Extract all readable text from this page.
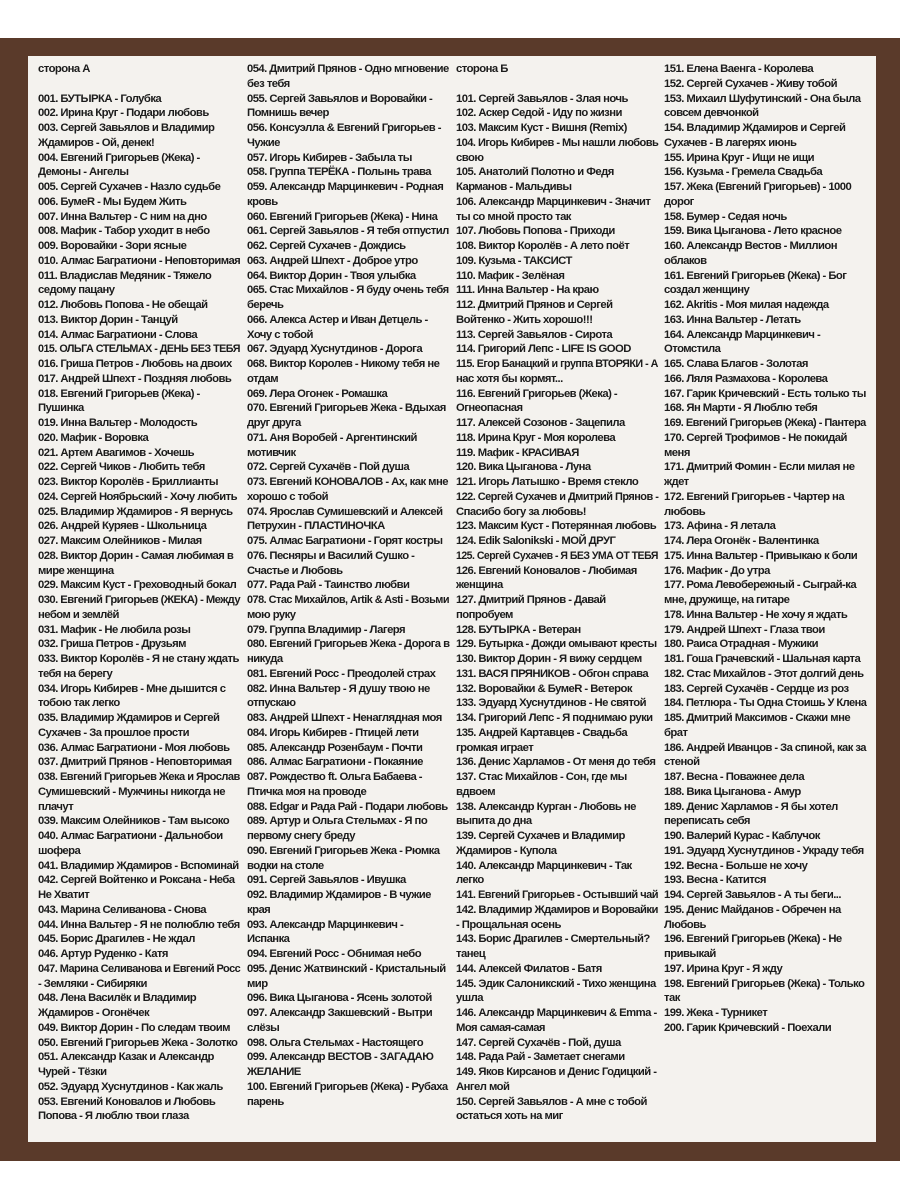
сторона А
001. БУТЫРКА - Голубка
002. Ирина Круг - Подари любовь
003. Сергей Завьялов и Владимир
Ждамиров - Ой, денек!
004. Евгений Григорьев (Жека) -
Демоны - Ангелы
005. Сергей Сухачев - Назло судьбе
006. БумеR - Мы Будем Жить
007. Инна Вальтер - С ним на дно
008. Мафик - Табор уходит в небо
009. Воровайки - Зори ясные
010. Алмас Багратиони - Неповторимая
011. Владислав Медяник - Тяжело
седому пацану
012. Любовь Попова - Не обещай
013. Виктор Дорин - Танцуй
014. Алмас Багратиони - Слова
015. ОЛЬГА СТЕЛЬМАХ - ДЕНЬ БЕЗ ТЕБЯ
016. Гриша Петров - Любовь на двоих
017. Андрей Шпехт - Поздняя любовь
018. Евгений Григорьев (Жека) -
Пушинка
019. Инна Вальтер - Молодость
020. Мафик - Воровка
021. Артем Авагимов - Хочешь
022. Сергей Чиков - Любить тебя
023. Виктор Королёв - Бриллианты
024. Сергей Ноябрьский - Хочу любить
025. Владимир Ждамиров - Я вернусь
026. Андрей Куряев - Школьница
027. Максим Олейников - Милая
028. Виктор Дорин - Самая любимая в
мире женщина
029. Максим Куст - Греховодный бокал
030. Евгений Григорьев (ЖЕКА) - Между
небом и землёй
031. Мафик - Не любила розы
032. Гриша Петров - Друзьям
033. Виктор Королёв - Я не стану ждать
тебя на берегу
034. Игорь Кибирев - Мне дышится с
тобою так легко
035. Владимир Ждамиров и Сергей
Сухачев - За прошлое прости
036. Алмас Багратиони - Моя любовь
037. Дмитрий Прянов - Неповторимая
038. Евгений Григорьев Жека и Ярослав
Сумишевский - Мужчины никогда не
плачут
039. Максим Олейников - Там высоко
040. Алмас Багратиони - Дальнобои
шофера
041. Владимир Ждамиров - Вспоминай
042. Сергей Войтенко и Роксана - Неба
Не Хватит
043. Марина Селиванова - Снова
044. Инна Вальтер - Я не полюблю тебя
045. Борис Драгилев - Не ждал
046. Артур Руденко - Катя
047. Марина Селиванова и Евгений Росс
- Земляки - Сибиряки
048. Лена Василёк и Владимир
Ждамиров - Огонёчек
049. Виктор Дорин - По следам твоим
050. Евгений Григорьев Жека - Золотко
051. Александр Казак и Александр
Чурей - Тёзки
052. Эдуард Хуснутдинов - Как жаль
053. Евгений Коновалов и Любовь
Попова - Я люблю твои глаза
054. Дмитрий Прянов - Одно мгновение
без тебя
055. Сергей Завьялов и Воровайки -
Помнишь вечер
056. Консуэлла & Евгений Григорьев -
Чужие
057. Игорь Кибирев - Забыла ты
058. Группа ТЕРЁКА - Полынь трава
059. Александр Марцинкевич - Родная
кровь
060. Евгений Григорьев (Жека) - Нина
061. Сергей Завьялов - Я тебя отпустил
062. Сергей Сухачев - Дождись
063. Андрей Шпехт - Доброе утро
064. Виктор Дорин - Твоя улыбка
065. Стас Михайлов - Я буду очень тебя
беречь
066. Алекса Астер и Иван Детцель -
Хочу с тобой
067. Эдуард Хуснутдинов - Дорога
068. Виктор Королев - Никому тебя не
отдам
069. Лера Огонек - Ромашка
070. Евгений Григорьев Жека - Вдыхая
друг друга
071. Аня Воробей - Аргентинский
мотивчик
072. Сергей Сухачёв - Пой душа
073. Евгений КОНОВАЛОВ - Ах, как мне
хорошо с тобой
074. Ярослав Сумишевский и Алексей
Петрухин - ПЛАСТИНОЧКА
075. Алмас Багратиони - Горят костры
076. Песняры и Василий Сушко -
Счастье и Любовь
077. Рада Рай - Таинство любви
078. Стас Михайлов, Artik & Asti - Возьми
мою руку
079. Группа Владимир - Лагеря
080. Евгений Григорьев Жека - Дорога в
никуда
081. Евгений Росс - Преодолей страх
082. Инна Вальтер - Я душу твою не
отпускаю
083. Андрей Шпехт - Ненаглядная моя
084. Игорь Кибирев - Птицей лети
085. Александр Розенбаум - Почти
086. Алмас Багратиони - Покаяние
087. Рождество ft. Ольга Бабаева -
Птичка моя на проводе
088. Edgar и Рада Рай - Подари любовь
089. Артур и Ольга Стельмах - Я по
первому снегу бреду
090. Евгений Григорьев Жека - Рюмка
водки на столе
091. Сергей Завьялов - Ивушка
092. Владимир Ждамиров - В чужие
края
093. Александр Марцинкевич -
Испанка
094. Евгений Росс - Обнимая небо
095. Денис Жатвинский - Кристальный
мир
096. Вика Цыганова - Ясень золотой
097. Александр Закшевский - Вытри
слёзы
098. Ольга Стельмах - Настоящего
099. Александр ВЕСТОВ - ЗАГАДАЮ
ЖЕЛАНИЕ
100. Евгений Григорьев (Жека) - Рубаха
парень
сторона Б
101. Сергей Завьялов - Злая ночь
102. Аскер Седой - Иду по жизни
103. Максим Куст - Вишня (Remix)
104. Игорь Кибирев - Мы нашли любовь
свою
105. Анатолий Полотно и Федя
Карманов - Мальдивы
106. Александр Марцинкевич - Значит
ты со мной просто так
107. Любовь Попова - Приходи
108. Виктор Королёв - А лето поёт
109. Кузьма - ТАКСИСТ
110. Мафик - Зелёная
111. Инна Вальтер - На краю
112. Дмитрий Прянов и Сергей
Войтенко - Жить хорошо!!!
113. Сергей Завьялов - Сирота
114. Григорий Лепс - LIFE IS GOOD
115. Егор Банацкий и группа ВТОРЯКИ - А
нас хотя бы кормят...
116. Евгений Григорьев (Жека) -
Огнеопасная
117. Алексей Созонов - Зацепила
118. Ирина Круг - Моя королева
119. Мафик - КРАСИВАЯ
120. Вика Цыганова - Луна
121. Игорь Латышко - Время стекло
122. Сергей Сухачев и Дмитрий Прянов -
Спасибо богу за любовь!
123. Максим Куст - Потерянная любовь
124. Edik Salonikski - МОЙ ДРУГ
125. Сергей Сухачев - Я БЕЗ УМА ОТ ТЕБЯ
126. Евгений Коновалов - Любимая
женщина
127. Дмитрий Прянов - Давай
попробуем
128. БУТЫРКА - Ветеран
129. Бутырка - Дожди омывают кресты
130. Виктор Дорин - Я вижу сердцем
131. ВАСЯ ПРЯНИКОВ - Обгон справа
132. Воровайки & БумеR - Ветерок
133. Эдуард Хуснутдинов - Не святой
134. Григорий Лепс - Я поднимаю руки
135. Андрей Картавцев - Свадьба
громкая играет
136. Денис Харламов - От меня до тебя
137. Стас Михайлов - Сон, где мы
вдвоем
138. Александр Курган - Любовь не
выпита до дна
139. Сергей Сухачев и Владимир
Ждамиров - Купола
140. Александр Марцинкевич - Так
легко
141. Евгений Григорьев - Остывший чай
142. Владимир Ждамиров и Воровайки
- Прощальная осень
143. Борис Драгилев - Смертельный?
танец
144. Алексей Филатов - Батя
145. Эдик Салоникский - Тихо женщина
ушла
146. Александр Марцинкевич & Emma -
Моя самая-самая
147. Сергей Сухачёв - Пой, душа
148. Рада Рай - Заметает снегами
149. Яков Кирсанов и Денис Годицкий -
Ангел мой
150. Сергей Завьялов - А мне с тобой
остаться хоть на миг
151. Елена Ваенга - Королева
152. Сергей Сухачев - Живу тобой
153. Михаил Шуфутинский - Она была
совсем девчонкой
154. Владимир Ждамиров и Сергей
Сухачев - В лагерях июнь
155. Ирина Круг - Ищи не ищи
156. Кузьма - Гремела Свадьба
157. Жека (Евгений Григорьев) - 1000
дорог
158. Бумер - Седая ночь
159. Вика Цыганова - Лето красное
160. Александр Вестов - Миллион
облаков
161. Евгений Григорьев (Жека) - Бог
создал женщину
162. Akritis - Моя милая надежда
163. Инна Вальтер - Летать
164. Александр Марцинкевич -
Отомстила
165. Слава Благов - Золотая
166. Ляля Размахова - Королева
167. Гарик Кричевский - Есть только ты
168. Ян Марти - Я Люблю тебя
169. Евгений Григорьев (Жека) - Пантера
170. Сергей Трофимов - Не покидай
меня
171. Дмитрий Фомин - Если милая не
ждет
172. Евгений Григорьев - Чартер на
любовь
173. Афина - Я летала
174. Лера Огонёк - Валентинка
175. Инна Вальтер - Привыкаю к боли
176. Мафик - До утра
177. Рома Левобережный - Сыграй-ка
мне, дружище, на гитаре
178. Инна Вальтер - Не хочу я ждать
179. Андрей Шпехт - Глаза твои
180. Раиса Отрадная - Мужики
181. Гоша Грачевский - Шальная карта
182. Стас Михайлов - Этот долгий день
183. Сергей Сухачёв - Сердце из роз
184. Петлюра - Ты Одна Стоишь У Клена
185. Дмитрий Максимов - Скажи мне
брат
186. Андрей Иванцов - За спиной, как за
стеной
187. Весна - Поважнее дела
188. Вика Цыганова - Амур
189. Денис Харламов - Я бы хотел
переписать себя
190. Валерий Курас - Каблучок
191. Эдуард Хуснутдинов - Украду тебя
192. Весна - Больше не хочу
193. Весна - Катится
194. Сергей Завьялов - А ты беги...
195. Денис Майданов - Обречен на
Любовь
196. Евгений Григорьев (Жека) - Не
привыкай
197. Ирина Круг - Я жду
198. Евгений Григорьев (Жека) - Только
так
199. Жека - Турникет
200. Гарик Кричевский - Поехали
